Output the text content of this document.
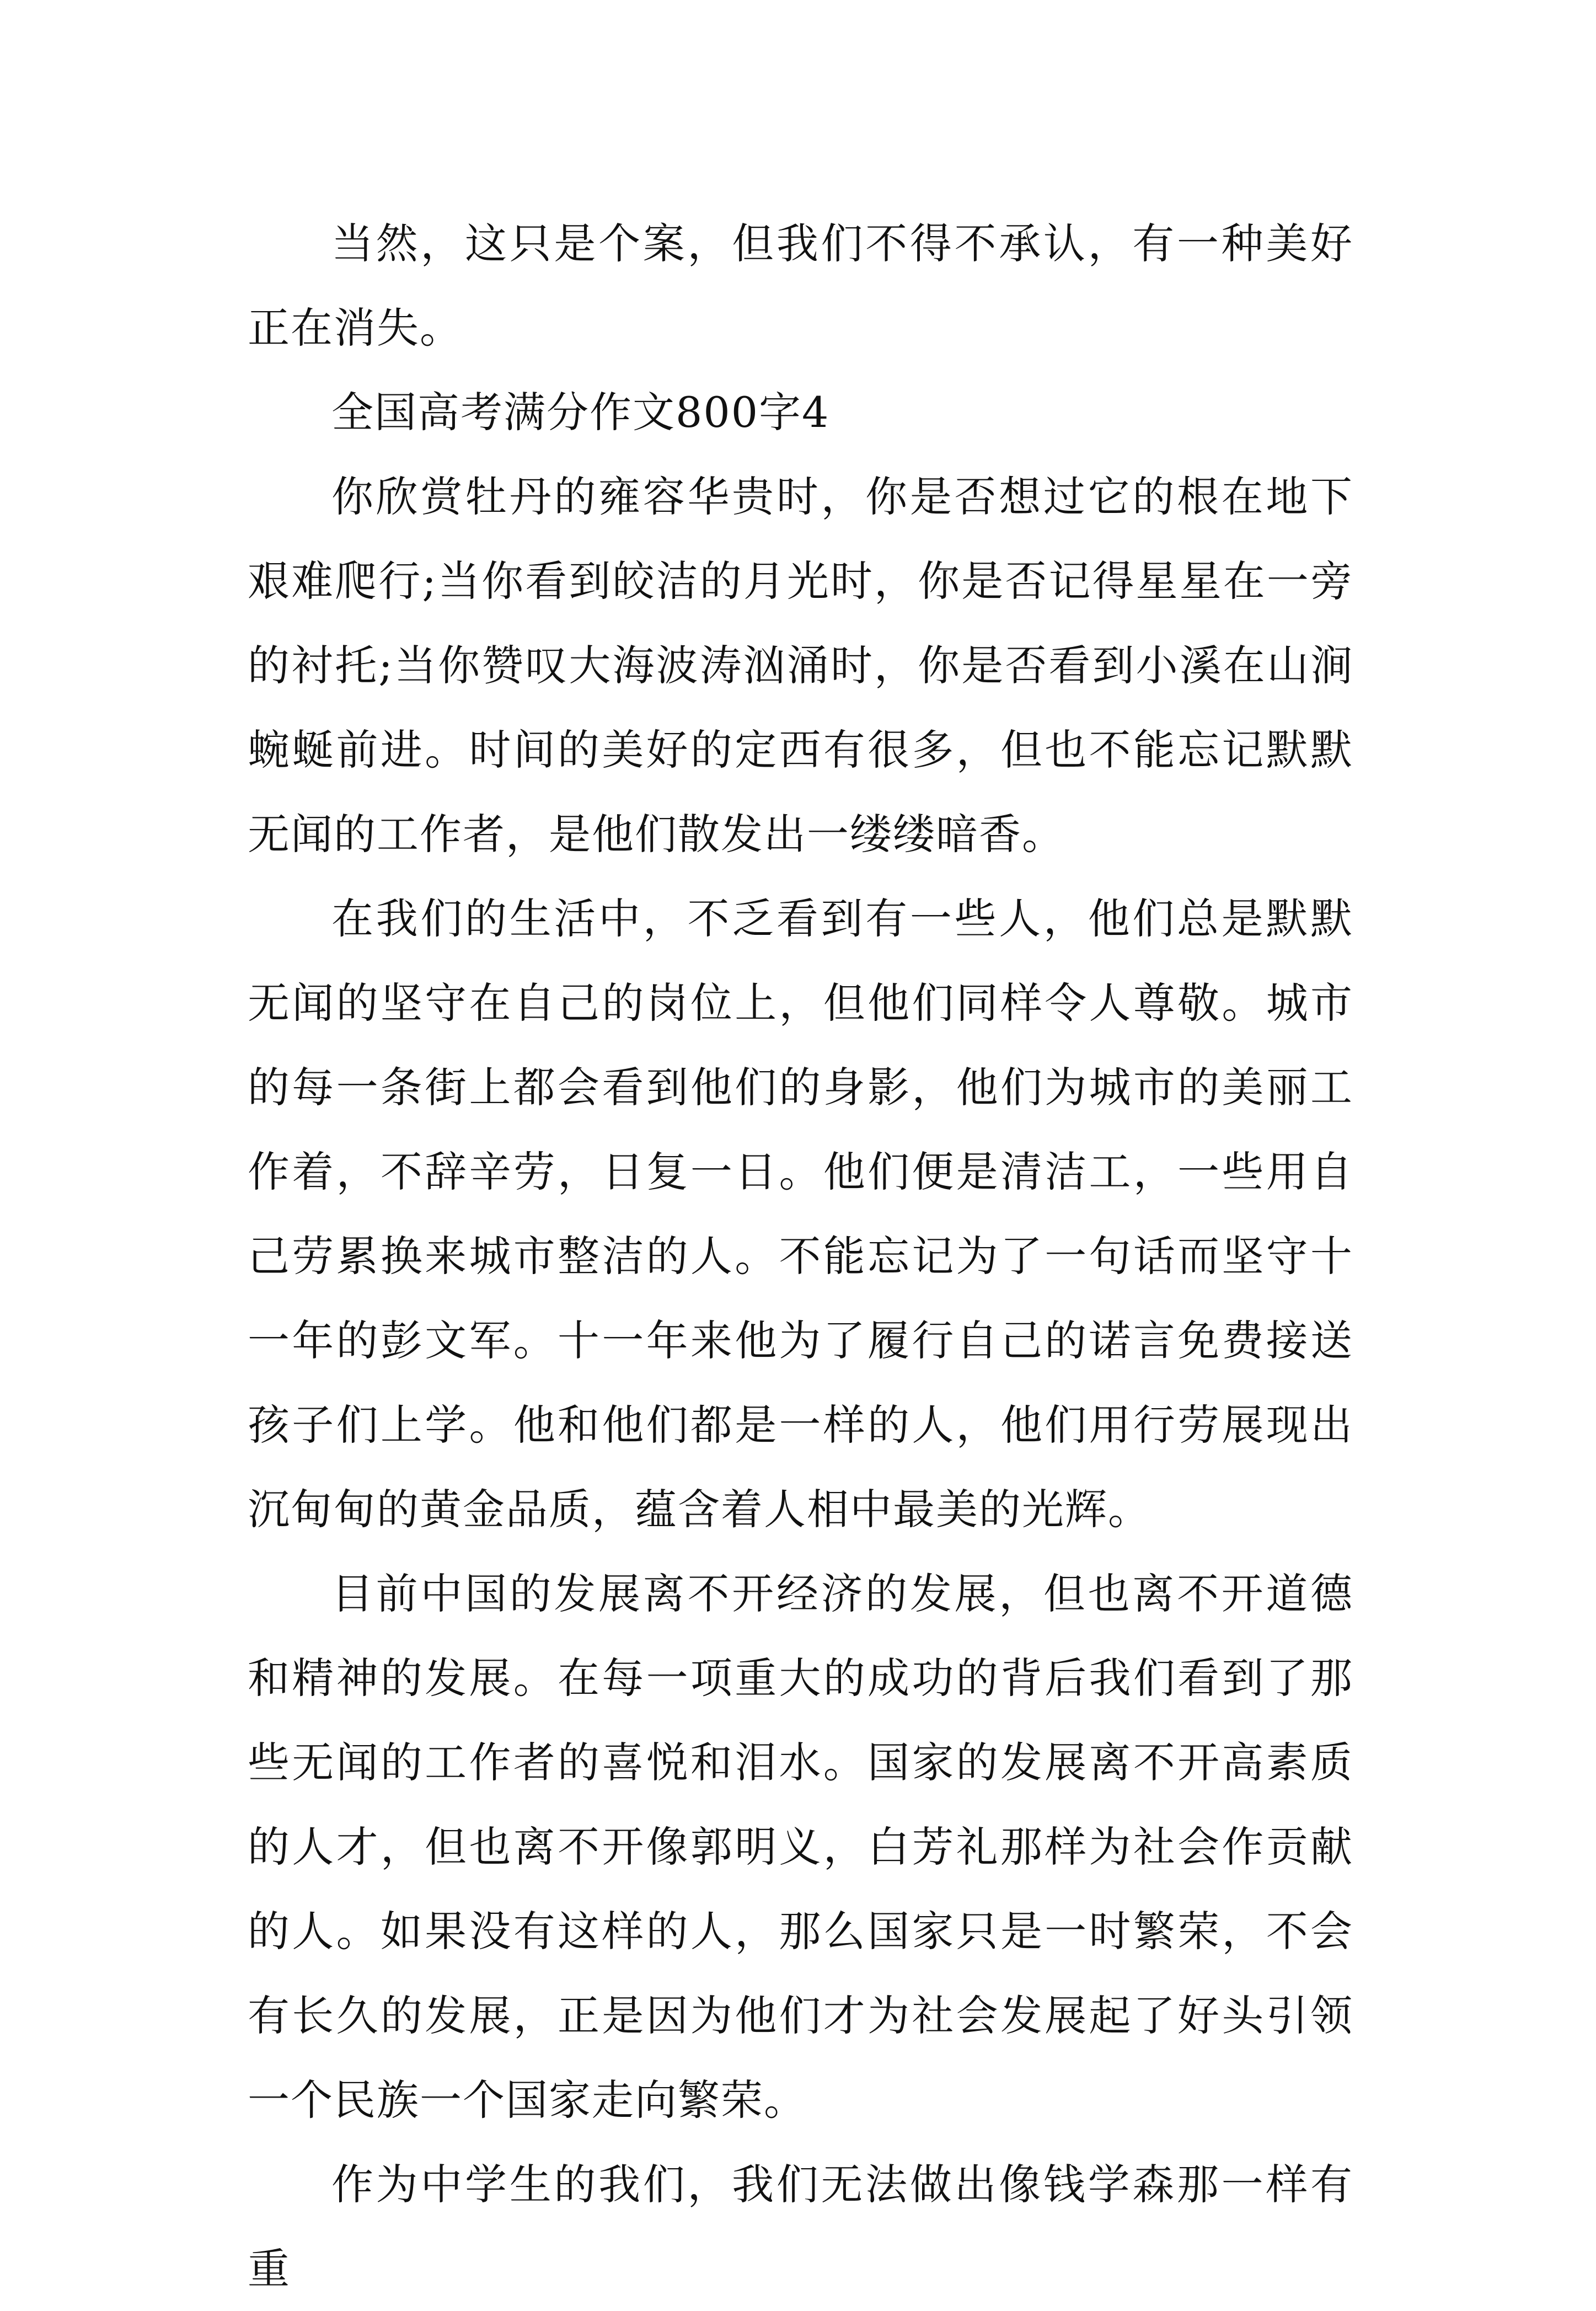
当然，这只是个案，但我们不得不承认，有一种美好正在消失。

全国高考满分作文800字4

你欣赏牡丹的雍容华贵时，你是否想过它的根在地下艰难爬行;当你看到皎洁的月光时，你是否记得星星在一旁的衬托;当你赞叹大海波涛汹涌时，你是否看到小溪在山涧蜿蜒前进。时间的美好的定西有很多，但也不能忘记默默无闻的工作者，是他们散发出一缕缕暗香。

在我们的生活中，不乏看到有一些人，他们总是默默无闻的坚守在自己的岗位上，但他们同样令人尊敬。城市的每一条街上都会看到他们的身影，他们为城市的美丽工作着，不辞辛劳，日复一日。他们便是清洁工，一些用自己劳累换来城市整洁的人。不能忘记为了一句话而坚守十一年的彭文军。十一年来他为了履行自己的诺言免费接送孩子们上学。他和他们都是一样的人，他们用行劳展现出沉甸甸的黄金品质，蕴含着人相中最美的光辉。

目前中国的发展离不开经济的发展，但也离不开道德和精神的发展。在每一项重大的成功的背后我们看到了那些无闻的工作者的喜悦和泪水。国家的发展离不开高素质的人才，但也离不开像郭明义，白芳礼那样为社会作贡献的人。如果没有这样的人，那么国家只是一时繁荣，不会有长久的发展，正是因为他们才为社会发展起了好头引领一个民族一个国家走向繁荣。

作为中学生的我们，我们无法做出像钱学森那一样有重
